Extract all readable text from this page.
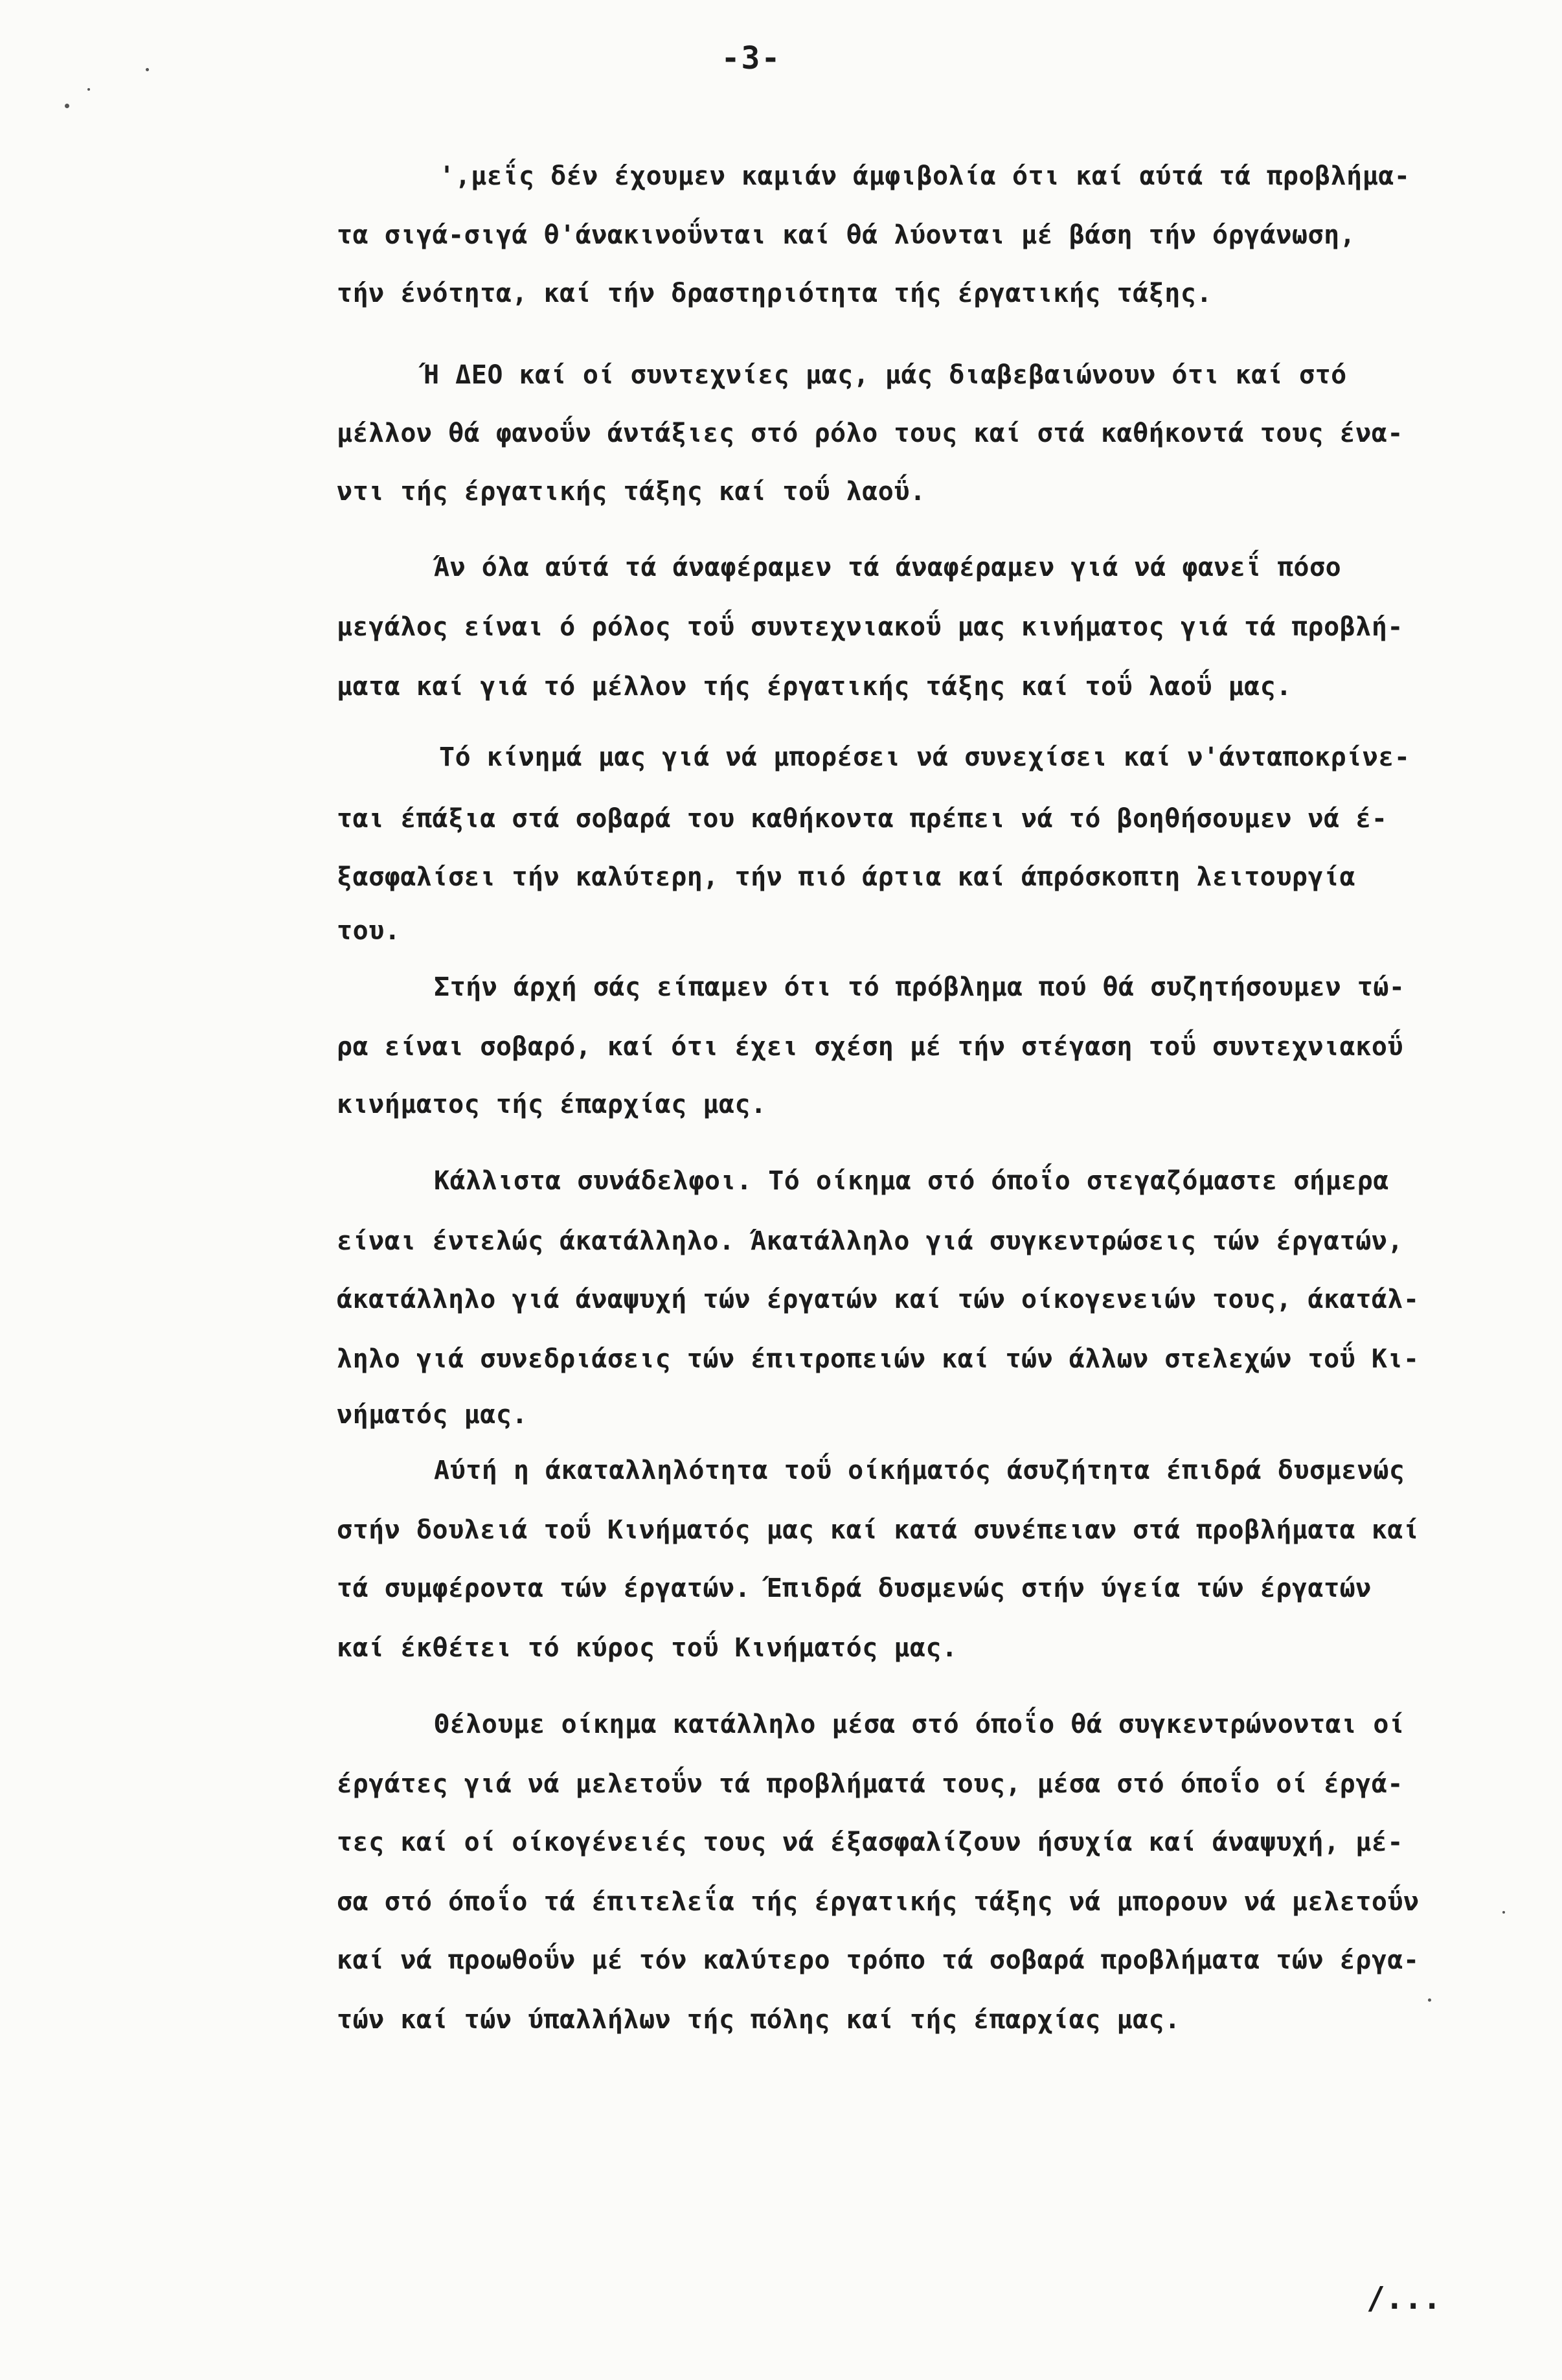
-3-
',μεΐς δέν έχουμεν καμιάν άμφιβολία ότι καί αύτά τά προβλήμα-
τα σιγά-σιγά θ'άνακινοΰνται καί θά λύονται μέ βάση τήν όργάνωση,
τήν ένότητα, καί τήν δραστηριότητα τής έργατικής τάξης.
Ή ΔΕΟ καί οί συντεχνίες μας, μάς διαβεβαιώνουν ότι καί στό
μέλλον θά φανοΰν άντάξιες στό ρόλο τους καί στά καθήκοντά τους ένα-
ντι τής έργατικής τάξης καί τοΰ λαοΰ.
Άν όλα αύτά τά άναφέραμεν τά άναφέραμεν γιά νά φανεΐ πόσο
μεγάλος είναι ό ρόλος τοΰ συντεχνιακοΰ μας κινήματος γιά τά προβλή-
ματα καί γιά τό μέλλον τής έργατικής τάξης καί τοΰ λαοΰ μας.
Τό κίνημά μας γιά νά μπορέσει νά συνεχίσει καί ν'άνταποκρίνε-
ται έπάξια στά σοβαρά του καθήκοντα πρέπει νά τό βοηθήσουμεν νά έ-
ξασφαλίσει τήν καλύτερη, τήν πιό άρτια καί άπρόσκοπτη λειτουργία
του.
Στήν άρχή σάς είπαμεν ότι τό πρόβλημα πού θά συζητήσουμεν τώ-
ρα είναι σοβαρό, καί ότι έχει σχέση μέ τήν στέγαση τοΰ συντεχνιακοΰ
κινήματος τής έπαρχίας μας.
Κάλλιστα συνάδελφοι. Τό οίκημα στό όποΐο στεγαζόμαστε σήμερα
είναι έντελώς άκατάλληλο. Άκατάλληλο γιά συγκεντρώσεις τών έργατών,
άκατάλληλο γιά άναψυχή τών έργατών καί τών οίκογενειών τους, άκατάλ-
ληλο γιά συνεδριάσεις τών έπιτροπειών καί τών άλλων στελεχών τοΰ Κι-
νήματός μας.
Αύτή η άκαταλληλότητα τοΰ οίκήματός άσυζήτητα έπιδρά δυσμενώς
στήν δουλειά τοΰ Κινήματός μας καί κατά συνέπειαν στά προβλήματα καί
τά συμφέροντα τών έργατών. Έπιδρά δυσμενώς στήν ύγεία τών έργατών
καί έκθέτει τό κύρος τοΰ Κινήματός μας.
Θέλουμε οίκημα κατάλληλο μέσα στό όποΐο θά συγκεντρώνονται οί
έργάτες γιά νά μελετοΰν τά προβλήματά τους, μέσα στό όποΐο οί έργά-
τες καί οί οίκογένειές τους νά έξασφαλίζουν ήσυχία καί άναψυχή, μέ-
σα στό όποΐο τά έπιτελεΐα τής έργατικής τάξης νά μπορουν νά μελετοΰν
καί νά προωθοΰν μέ τόν καλύτερο τρόπο τά σοβαρά προβλήματα τών έργα-
τών καί τών ύπαλλήλων τής πόλης καί τής έπαρχίας μας.
/...
